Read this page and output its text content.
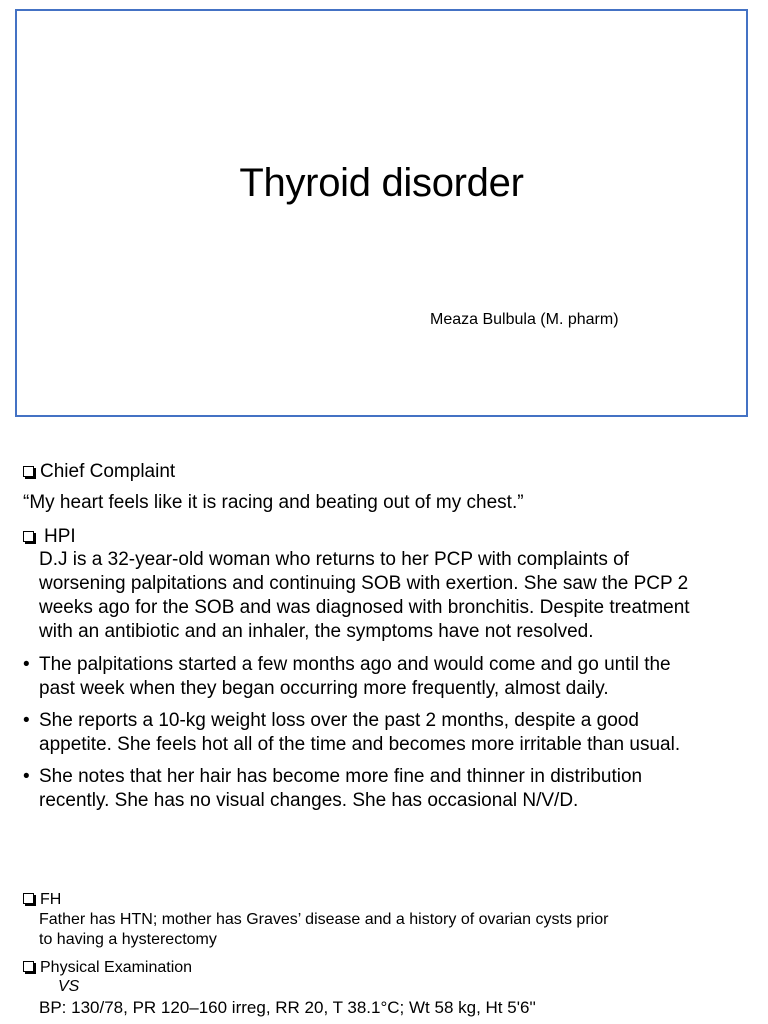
Thyroid disorder
Meaza Bulbula (M. pharm)
Chief Complaint
“My heart feels like it is racing and beating out of my chest.”
HPI
D.J is a 32-year-old woman who returns to her PCP with complaints of
worsening palpitations and continuing SOB with exertion. She saw the PCP 2
weeks ago for the SOB and was diagnosed with bronchitis. Despite treatment
with an antibiotic and an inhaler, the symptoms have not resolved.
• The palpitations started a few months ago and would come and go until the
past week when they began occurring more frequently, almost daily.
• She reports a 10-kg weight loss over the past 2 months, despite a good
appetite. She feels hot all of the time and becomes more irritable than usual.
• She notes that her hair has become more fine and thinner in distribution
recently. She has no visual changes. She has occasional N/V/D.
FH
Father has HTN; mother has Graves’ disease and a history of ovarian cysts prior
to having a hysterectomy
Physical Examination
VS
BP: 130/78, PR 120–160 irreg, RR 20, T 38.1°C; Wt 58 kg, Ht 5'6''
